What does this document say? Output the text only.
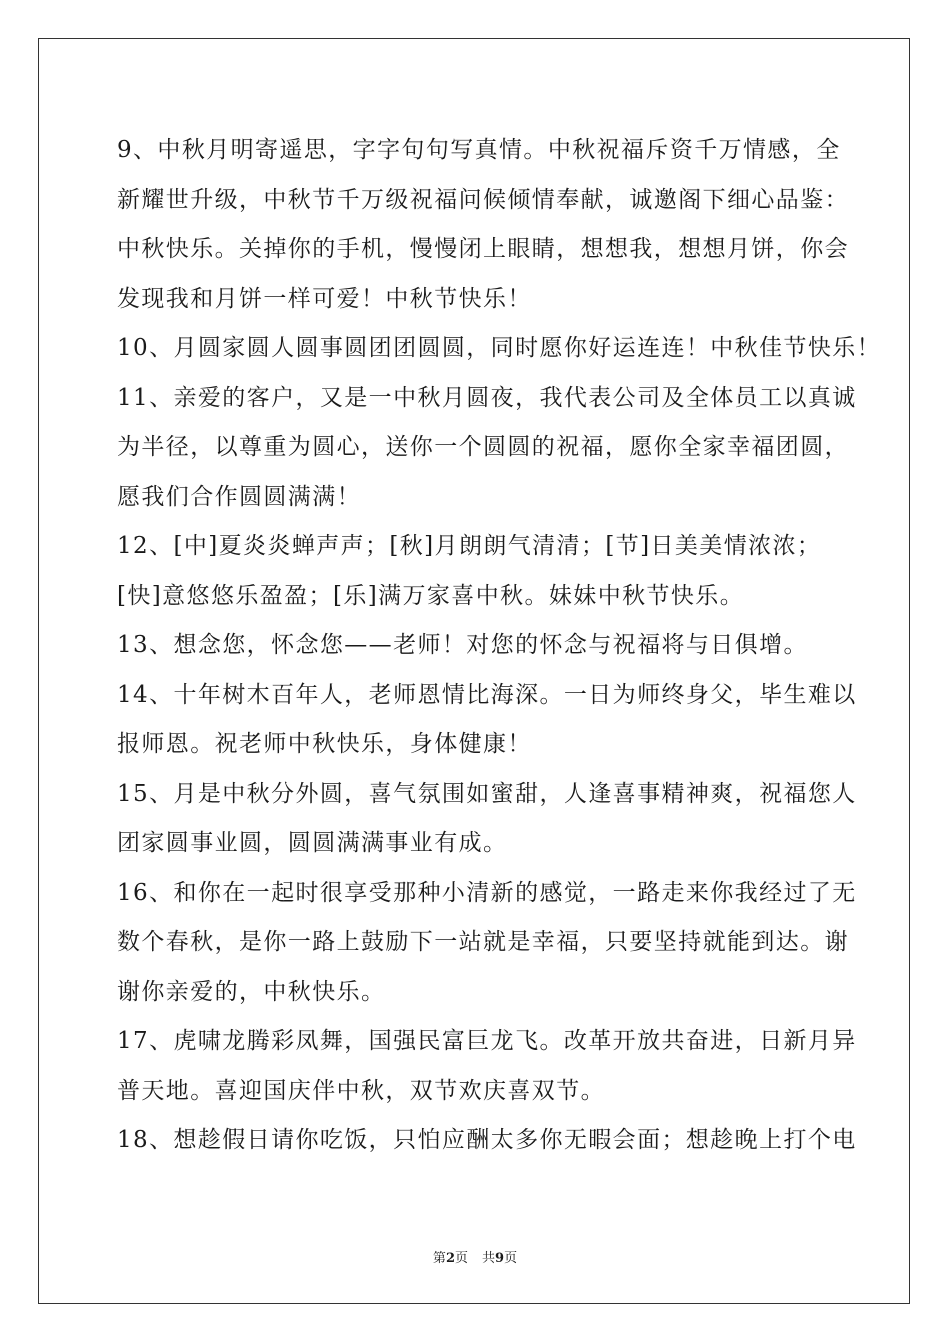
9、中秋月明寄遥思，字字句句写真情。中秋祝福斥资千万情感，全
新耀世升级，中秋节千万级祝福问候倾情奉献，诚邀阁下细心品鉴：
中秋快乐。关掉你的手机，慢慢闭上眼睛，想想我，想想月饼，你会
发现我和月饼一样可爱！中秋节快乐！
10、月圆家圆人圆事圆团团圆圆，同时愿你好运连连！中秋佳节快乐！
11、亲爱的客户，又是一中秋月圆夜，我代表公司及全体员工以真诚
为半径，以尊重为圆心，送你一个圆圆的祝福，愿你全家幸福团圆，
愿我们合作圆圆满满！
12、[中]夏炎炎蝉声声；[秋]月朗朗气清清；[节]日美美情浓浓；
[快]意悠悠乐盈盈；[乐]满万家喜中秋。妹妹中秋节快乐。
13、想念您，怀念您——老师！对您的怀念与祝福将与日俱增。
14、十年树木百年人，老师恩情比海深。一日为师终身父，毕生难以
报师恩。祝老师中秋快乐，身体健康！
15、月是中秋分外圆，喜气氛围如蜜甜，人逢喜事精神爽，祝福您人
团家圆事业圆，圆圆满满事业有成。
16、和你在一起时很享受那种小清新的感觉，一路走来你我经过了无
数个春秋，是你一路上鼓励下一站就是幸福，只要坚持就能到达。谢
谢你亲爱的，中秋快乐。
17、虎啸龙腾彩凤舞，国强民富巨龙飞。改革开放共奋进，日新月异
普天地。喜迎国庆伴中秋，双节欢庆喜双节。
18、想趁假日请你吃饭，只怕应酬太多你无暇会面；想趁晚上打个电
第2页 共9页
